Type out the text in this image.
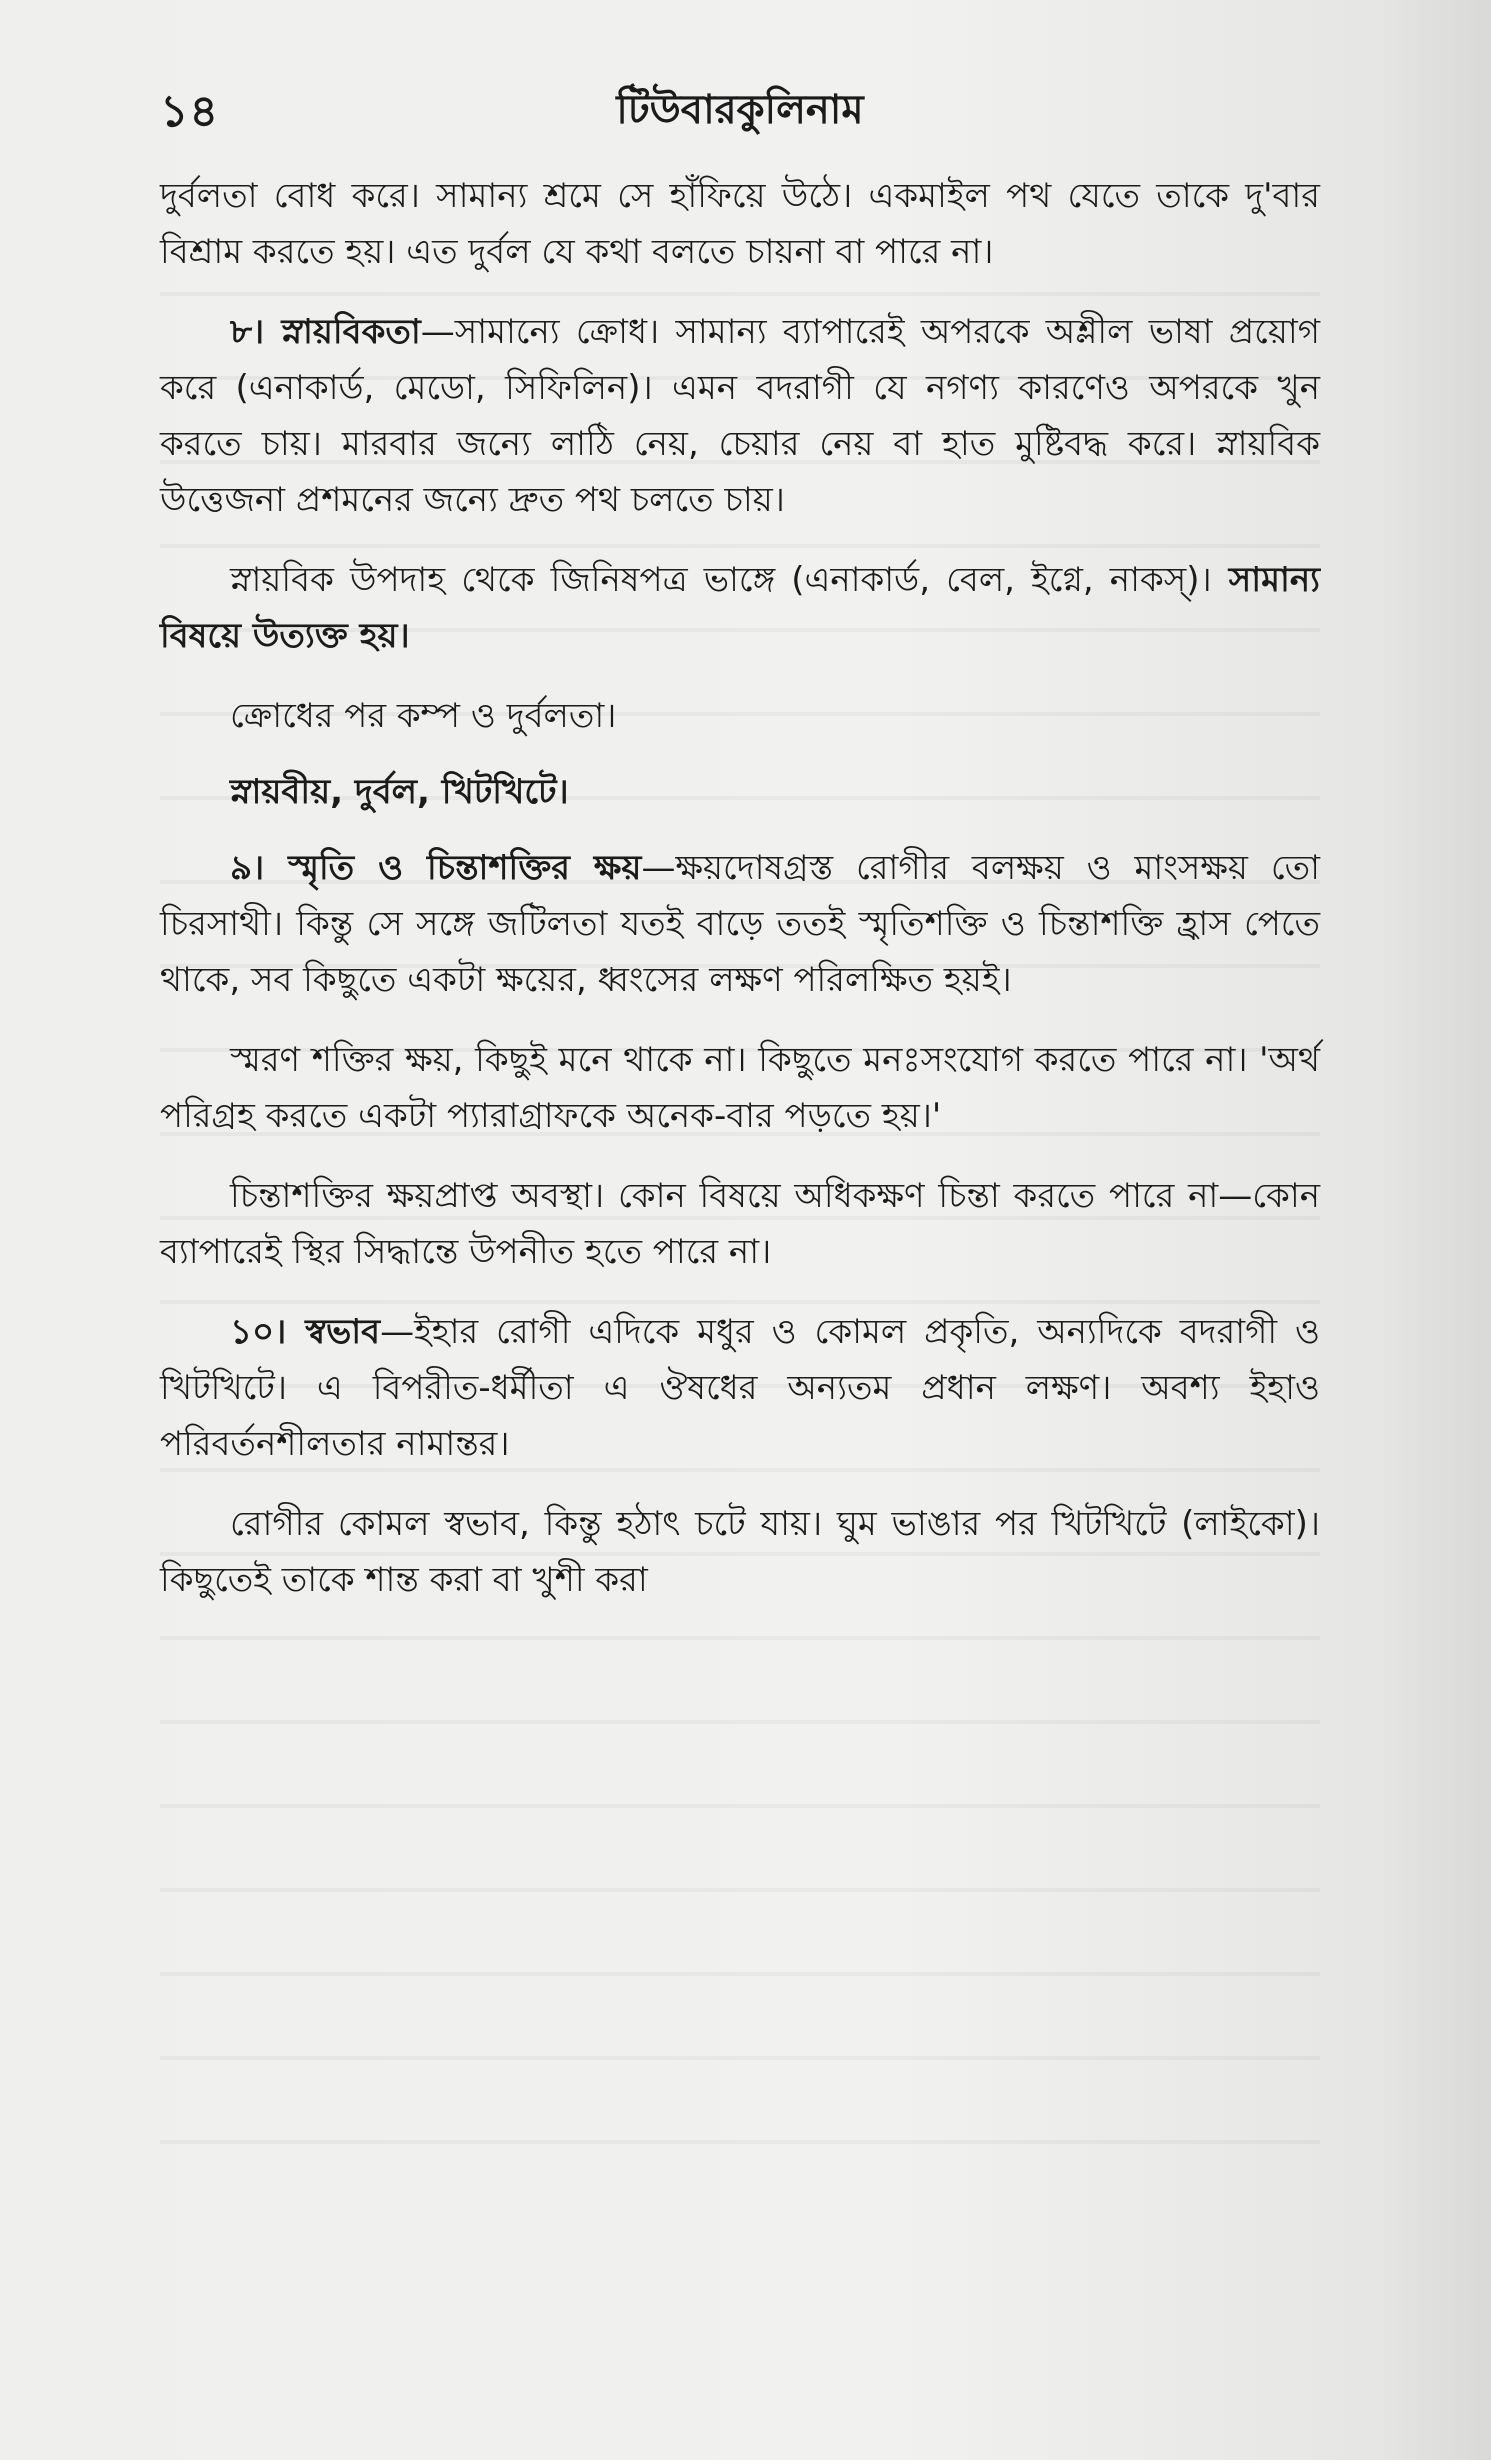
১৪	টিউবারকুলিনাম

দুর্বলতা বোধ করে। সামান্য শ্রমে সে হাঁফিয়ে উঠে। একমাইল পথ যেতে তাকে দু'বার বিশ্রাম করতে হয়। এত দুর্বল যে কথা বলতে চায়না বা পারে না।

৮। স্নায়বিকতা—সামান্যে ক্রোধ। সামান্য ব্যাপারেই অপরকে অশ্লীল ভাষা প্রয়োগ করে (এনাকার্ড, মেডো, সিফিলিন)। এমন বদরাগী যে নগণ্য কারণেও অপরকে খুন করতে চায়। মারবার জন্যে লাঠি নেয়, চেয়ার নেয় বা হাত মুষ্টিবদ্ধ করে। স্নায়বিক উত্তেজনা প্রশমনের জন্যে দ্রুত পথ চলতে চায়।

স্নায়বিক উপদাহ থেকে জিনিষপত্র ভাঙ্গে (এনাকার্ড, বেল, ইগ্নে, নাকস্)। সামান্য বিষয়ে উত্যক্ত হয়।

ক্রোধের পর কম্প ও দুর্বলতা।

স্নায়বীয়, দুর্বল, খিটখিটে।

৯। স্মৃতি ও চিন্তাশক্তির ক্ষয়—ক্ষয়দোষগ্রস্ত রোগীর বলক্ষয় ও মাংসক্ষয় তো চিরসাথী। কিন্তু সে সঙ্গে জটিলতা যতই বাড়ে ততই স্মৃতিশক্তি ও চিন্তাশক্তি হ্রাস পেতে থাকে, সব কিছুতে একটা ক্ষয়ের, ধ্বংসের লক্ষণ পরিলক্ষিত হয়ই।

স্মরণ শক্তির ক্ষয়, কিছুই মনে থাকে না। কিছুতে মনঃসংযোগ করতে পারে না। 'অর্থ পরিগ্রহ করতে একটা প্যারাগ্রাফকে অনেক-বার পড়তে হয়।'

চিন্তাশক্তির ক্ষয়প্রাপ্ত অবস্থা। কোন বিষয়ে অধিকক্ষণ চিন্তা করতে পারে না—কোন ব্যাপারেই স্থির সিদ্ধান্তে উপনীত হতে পারে না।

১০। স্বভাব—ইহার রোগী এদিকে মধুর ও কোমল প্রকৃতি, অন্যদিকে বদরাগী ও খিটখিটে। এ বিপরীত-ধর্মীতা এ ঔষধের অন্যতম প্রধান লক্ষণ। অবশ্য ইহাও পরিবর্তনশীলতার নামান্তর।

রোগীর কোমল স্বভাব, কিন্তু হঠাৎ চটে যায়। ঘুম ভাঙার পর খিটখিটে (লাইকো)। কিছুতেই তাকে শান্ত করা বা খুশী করা
